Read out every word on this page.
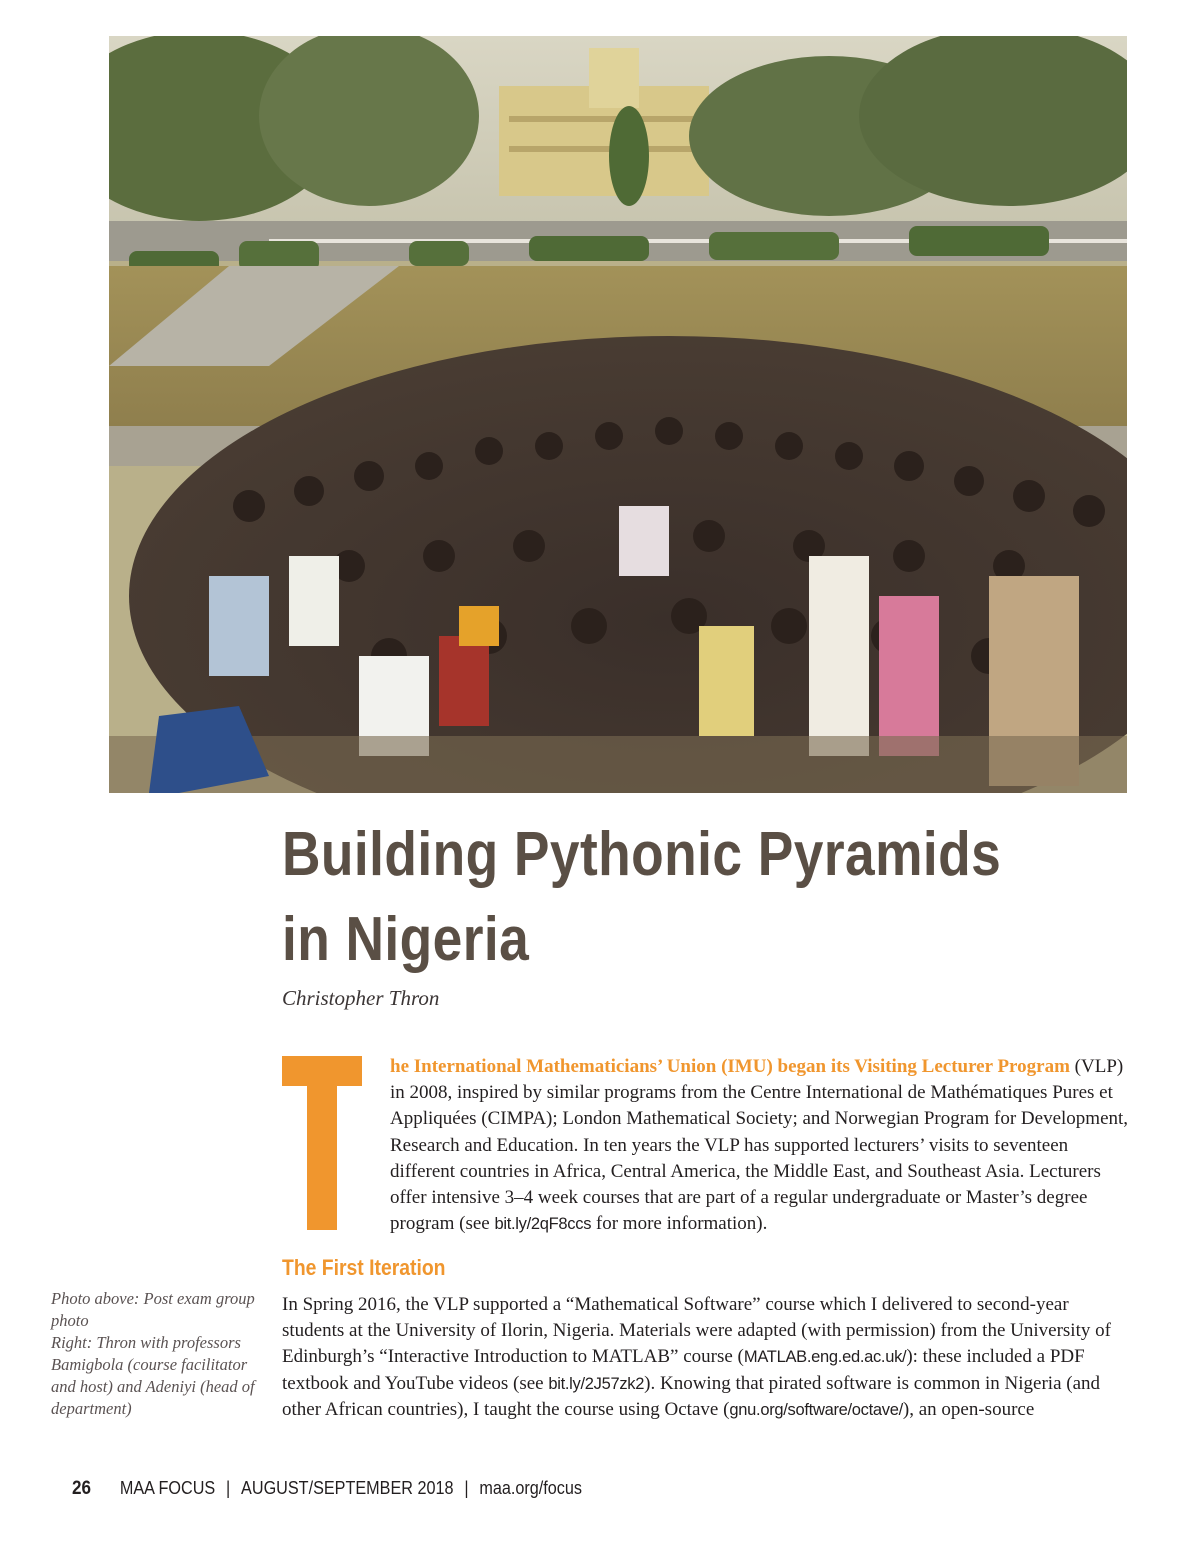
Building Pythonic Pyramids in Nigeria
Christopher Thron
T

he International Mathematicians’ Union (IMU) began its Visiting Lecturer Program (VLP) in 2008, inspired by similar programs from the Centre International de Mathématiques Pures et Appliquées (CIMPA); London Mathematical Society; and Norwegian Program for Development, Research and Education. In ten years the VLP has supported lecturers’ visits to seventeen different countries in Africa, Central America, the Middle East, and Southeast Asia. Lecturers offer intensive 3–4 week courses that are part of a regular undergraduate or Master’s degree program (see bit.ly/2qF8ccs for more information).

The First Iteration

In Spring 2016, the VLP supported a “Mathematical Software” course which I delivered to second-year students at the University of Ilorin, Nigeria. Materials were adapted (with permission) from the University of Edinburgh’s “Interactive Introduction to MATLAB” course (MATLAB.eng.ed.ac.uk/): these included a PDF textbook and YouTube videos (see bit.ly/2J57zk2). Knowing that pirated software is common in Nigeria (and other African countries), I taught the course using Octave (gnu.org/software/octave/), an open-source

Photo above: Post exam group photo
Right: Thron with professors Bamigbola (course facilitator and host) and Adeniyi (head of department)
26 MAA FOCUS | AUGUST/SEPTEMBER 2018 | maa.org/focus
